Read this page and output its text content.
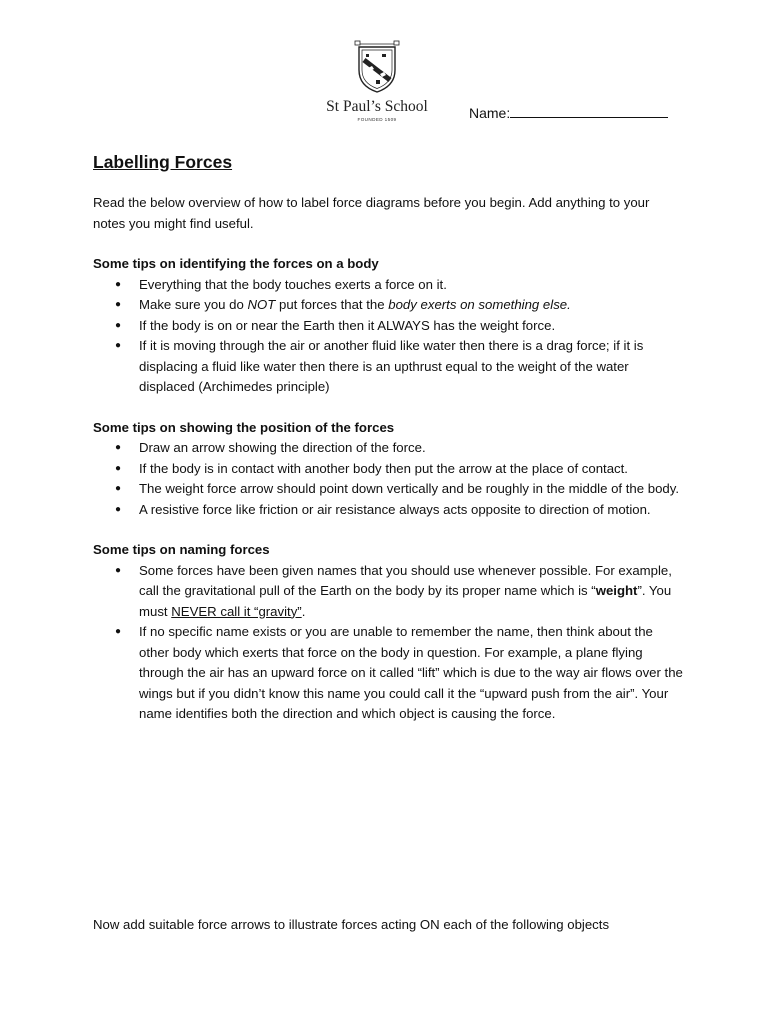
St Paul’s School
FOUNDED 1509	Name:
Labelling Forces

Read the below overview of how to label force diagrams before you begin. Add anything to your notes you might find useful.

Some tips on identifying the forces on a body

● Everything that the body touches exerts a force on it.
● Make sure you do NOT put forces that the body exerts on something else.
● If the body is on or near the Earth then it ALWAYS has the weight force.
● If it is moving through the air or another fluid like water then there is a drag force; if it is displacing a fluid like water then there is an upthrust equal to the weight of the water displaced (Archimedes principle)

Some tips on showing the position of the forces

● Draw an arrow showing the direction of the force.
● If the body is in contact with another body then put the arrow at the place of contact.
● The weight force arrow should point down vertically and be roughly in the middle of the body.
● A resistive force like friction or air resistance always acts opposite to direction of motion.

Some tips on naming forces

● Some forces have been given names that you should use whenever possible. For example, call the gravitational pull of the Earth on the body by its proper name which is “weight”. You must NEVER call it “gravity”.
● If no specific name exists or you are unable to remember the name, then think about the other body which exerts that force on the body in question. For example, a plane flying through the air has an upward force on it called “lift” which is due to the way air flows over the wings but if you didn’t know this name you could call it the “upward push from the air”. Your name identifies both the direction and which object is causing the force.

Now add suitable force arrows to illustrate forces acting ON each of the following objects
